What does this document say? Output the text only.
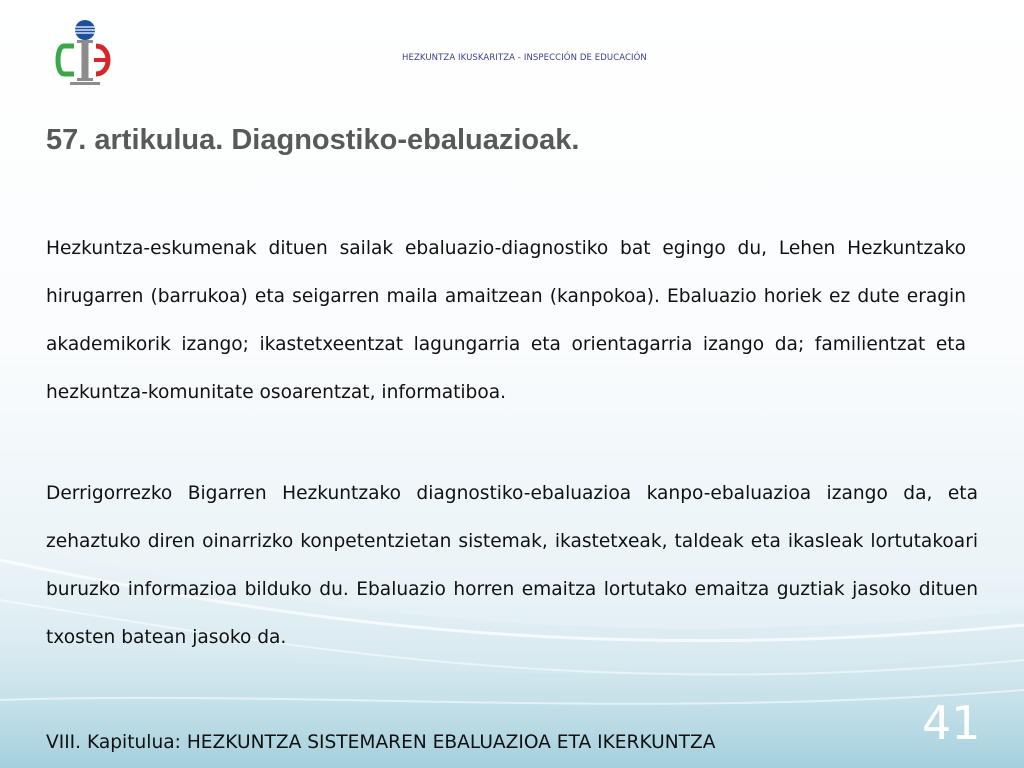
HEZKUNTZA IKUSKARITZA - INSPECCIÓN DE EDUCACIÓN
57. artikulua. Diagnostiko-ebaluazioak.

Hezkuntza-eskumenak dituen sailak ebaluazio-diagnostiko bat egingo du, Lehen Hezkuntzako hirugarren (barrukoa) eta seigarren maila amaitzean (kanpokoa). Ebaluazio horiek ez dute eragin akademikorik izango; ikastetxeentzat lagungarria eta orientagarria izango da; familientzat eta hezkuntza-komunitate osoarentzat, informatiboa.

Derrigorrezko Bigarren Hezkuntzako diagnostiko-ebaluazioa kanpo-ebaluazioa izango da, eta zehaztuko diren oinarrizko konpetentzietan sistemak, ikastetxeak, taldeak eta ikasleak lortutakoari buruzko informazioa bilduko du. Ebaluazio horren emaitza lortutako emaitza guztiak jasoko dituen txosten batean jasoko da.

VIII. Kapitulua: HEZKUNTZA SISTEMAREN EBALUAZIOA ETA IKERKUNTZA	41
